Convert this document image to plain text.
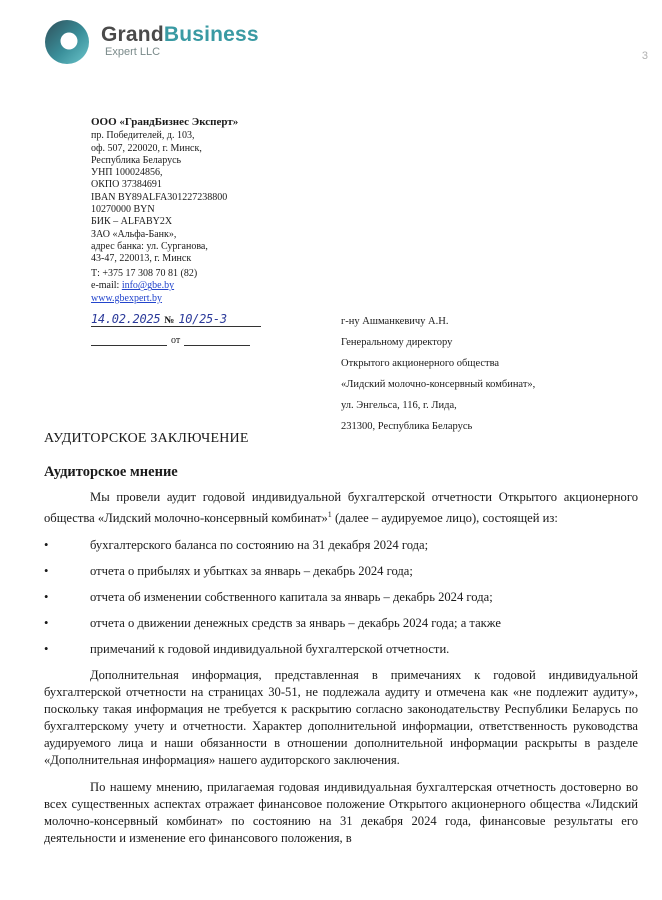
GrandBusiness
Expert LLC	3
ООО «ГрандБизнес Эксперт»
пр. Победителей, д. 103,
оф. 507, 220020, г. Минск,
Республика Беларусь
УНП 100024856,
ОКПО 37384691
IBAN BY89ALFA301227238800
10270000 BYN
БИК – ALFABY2X
ЗАО «Альфа-Банк»,
адрес банка: ул. Сурганова,
43-47, 220013, г. Минск
Т: +375 17 308 70 81 (82)
e-mail: info@gbe.by
www.gbexpert.by
14.02.2025 № 10/25-3
от
г-ну Ашманкевичу А.Н.
Генеральному директору
Открытого акционерного общества
«Лидский молочно-консервный комбинат»,
ул. Энгельса, 116, г. Лида,
231300, Республика Беларусь
АУДИТОРСКОЕ ЗАКЛЮЧЕНИЕ
Аудиторское мнение

Мы провели аудит годовой индивидуальной бухгалтерской отчетности Открытого акционерного общества «Лидский молочно-консервный комбинат»$^1$ (далее – аудируемое лицо), состоящей из:

•	бухгалтерского баланса по состоянию на 31 декабря 2024 года;
•	отчета о прибылях и убытках за январь – декабрь 2024 года;
•	отчета об изменении собственного капитала за январь – декабрь 2024 года;
•	отчета о движении денежных средств за январь – декабрь 2024 года; а также
•	примечаний к годовой индивидуальной бухгалтерской отчетности.

Дополнительная информация, представленная в примечаниях к годовой индивидуальной бухгалтерской отчетности на страницах 30-51, не подлежала аудиту и отмечена как «не подлежит аудиту», поскольку такая информация не требуется к раскрытию согласно законодательству Республики Беларусь по бухгалтерскому учету и отчетности. Характер дополнительной информации, ответственность руководства аудируемого лица и наши обязанности в отношении дополнительной информации раскрыты в разделе «Дополнительная информация» нашего аудиторского заключения.

По нашему мнению, прилагаемая годовая индивидуальная бухгалтерская отчетность достоверно во всех существенных аспектах отражает финансовое положение Открытого акционерного общества «Лидский молочно-консервный комбинат» по состоянию на 31 декабря 2024 года, финансовые результаты его деятельности и изменение его финансового положения, в
